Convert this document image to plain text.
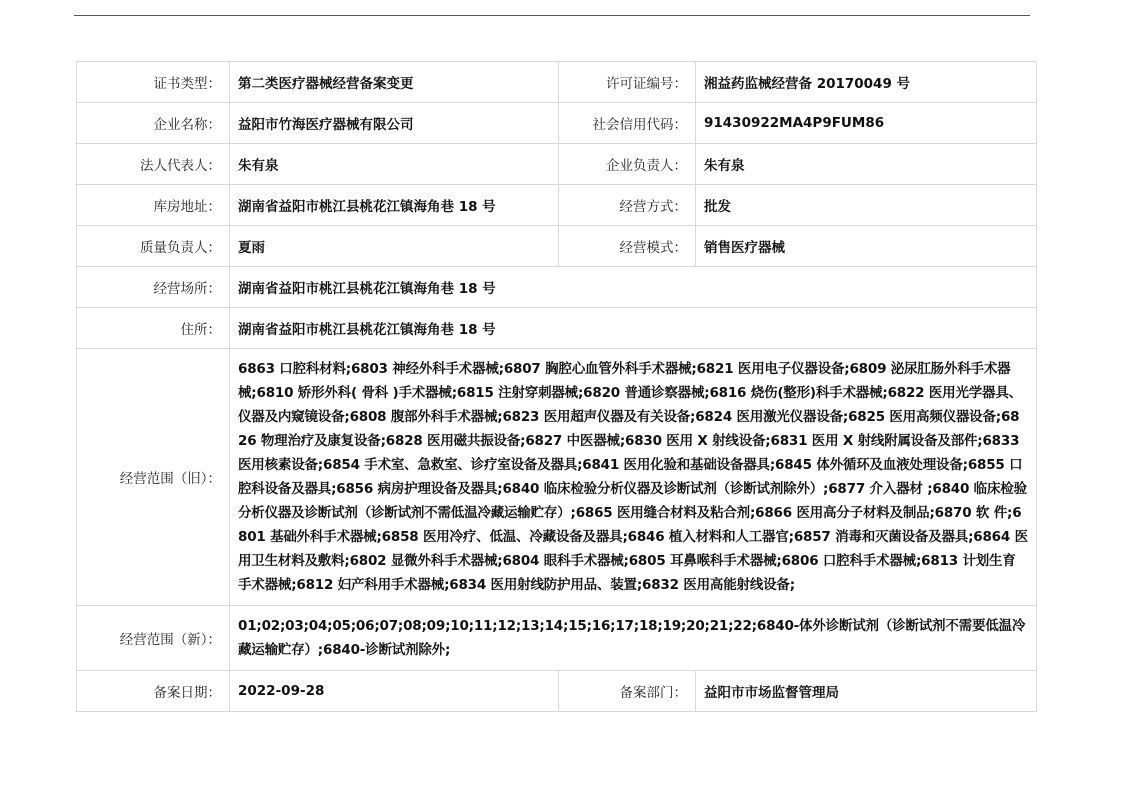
证书类型：	第二类医疗器械经营备案变更	许可证编号：	湘益药监械经营备 20170049 号
企业名称：	益阳市竹海医疗器械有限公司	社会信用代码：	91430922MA4P9FUM86
法人代表人：	朱有泉	企业负责人：	朱有泉
库房地址：	湖南省益阳市桃江县桃花江镇海角巷 18 号	经营方式：	批发
质量负责人：	夏雨	经营模式：	销售医疗器械
经营场所：	湖南省益阳市桃江县桃花江镇海角巷 18 号		
住所：	湖南省益阳市桃江县桃花江镇海角巷 18 号		
经营范围（旧）：	6863 口腔科材料;6803 神经外科手术器械;6807 胸腔心血管外科手术器械;6821 医用电子仪器设备;6809 泌尿肛肠外科手术器械;6810 矫形外科( 骨科 )手术器械;6815 注射穿刺器械;6820 普通诊察器械;6816 烧伤(整形)科手术器械;6822 医用光学器具、仪器及内窥镜设备;6808 腹部外科手术器械;6823 医用超声仪器及有关设备;6824 医用激光仪器设备;6825 医用高频仪器设备;6826 物理治疗及康复设备;6828 医用磁共振设备;6827 中医器械;6830 医用 X 射线设备;6831 医用 X 射线附属设备及部件;6833 医用核素设备;6854 手术室、急救室、诊疗室设备及器具;6841 医用化验和基础设备器具;6845 体外循环及血液处理设备;6855 口腔科设备及器具;6856 病房护理设备及器具;6840 临床检验分析仪器及诊断试剂（诊断试剂除外）;6877 介入器材 ;6840 临床检验分析仪器及诊断试剂（诊断试剂不需低温冷藏运输贮存）;6865 医用缝合材料及粘合剂;6866 医用高分子材料及制品;6870 软 件;6801 基础外科手术器械;6858 医用冷疗、低温、冷藏设备及器具;6846 植入材料和人工器官;6857 消毒和灭菌设备及器具;6864 医用卫生材料及敷料;6802 显微外科手术器械;6804 眼科手术器械;6805 耳鼻喉科手术器械;6806 口腔科手术器械;6813 计划生育手术器械;6812 妇产科用手术器械;6834 医用射线防护用品、装置;6832 医用高能射线设备;		
经营范围（新）：	01;02;03;04;05;06;07;08;09;10;11;12;13;14;15;16;17;18;19;20;21;22;6840-体外诊断试剂（诊断试剂不需要低温冷藏运输贮存）;6840-诊断试剂除外;		
备案日期：	2022-09-28	备案部门：	益阳市市场监督管理局
